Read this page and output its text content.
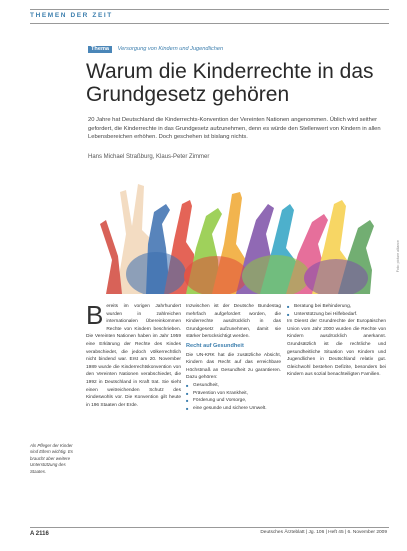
THEMEN DER ZEIT
Thema Versorgung von Kindern und Jugendlichen
Warum die Kinderrechte in das
Grundgesetz gehören

20 Jahre hat Deutschland die Kinderrechts-Konvention der Vereinten Nationen angenommen. Üblich wird seither gefordert, die Kinderrechte in das Grundgesetz aufzunehmen, denn es würde den Stellenwert von Kindern in allen Lebensbereichen erhöhen. Doch geschehen ist bislang nichts.

Hans Michael Straßburg, Klaus-Peter Zimmer
Foto: picture alliance
B ereits im vorigen Jahrhundert wurden in zahlreichen internationalen Übereinkommen Rechte von Kindern beschrieben. Die Vereinten Nationen haben im Jahr 1959 eine Erklärung der Rechte des Kindes verabschiedet, die jedoch völkerrechtlich nicht bindend war. Erst am 20. November 1989 wurde die Kinderrechtskonvention von den Vereinten Nationen verabschiedet, die 1992 in Deutschland in Kraft trat. Sie sieht einen weitreichenden Schutz des Kindeswohls vor. Die Konvention gilt heute in 196 Staaten der Erde.

Inzwischen ist der Deutsche Bundestag mehrfach aufgefordert worden, die Kinderrechte ausdrücklich in das Grundgesetz aufzunehmen, damit sie stärker berücksichtigt werden.

Recht auf Gesundheit

Die UN-KRK hat die zusätzliche Absicht, Kindern das Recht auf das erreichbare Höchstmaß an Gesundheit zu garantieren. Dazu gehören:

■ Gesundheit,
■ Prävention von Krankheit,
■ Förderung und Vorsorge,
■ eine gesunde und sichere Umwelt.
■ Beratung bei Behinderung,
■ Unterstützung bei Hilfebedarf.

Im Dienst der Grundrechte der Europäischen Union vom Jahr 2000 wurden die Rechte von Kindern ausdrücklich anerkannt. Grundsätzlich ist die rechtliche und gesundheitliche Situation von Kindern und Jugendlichen in Deutschland relativ gut. Gleichwohl bestehen Defizite, besonders bei Kindern aus sozial benachteiligten Familien.

Als Pfleger der Kinder sind Eltern wichtig. Es braucht aber weitere Unterstützung des Staates.
A 2116	Deutsches Ärzteblatt | Jg. 106 | Heft 45 | 6. November 2009
